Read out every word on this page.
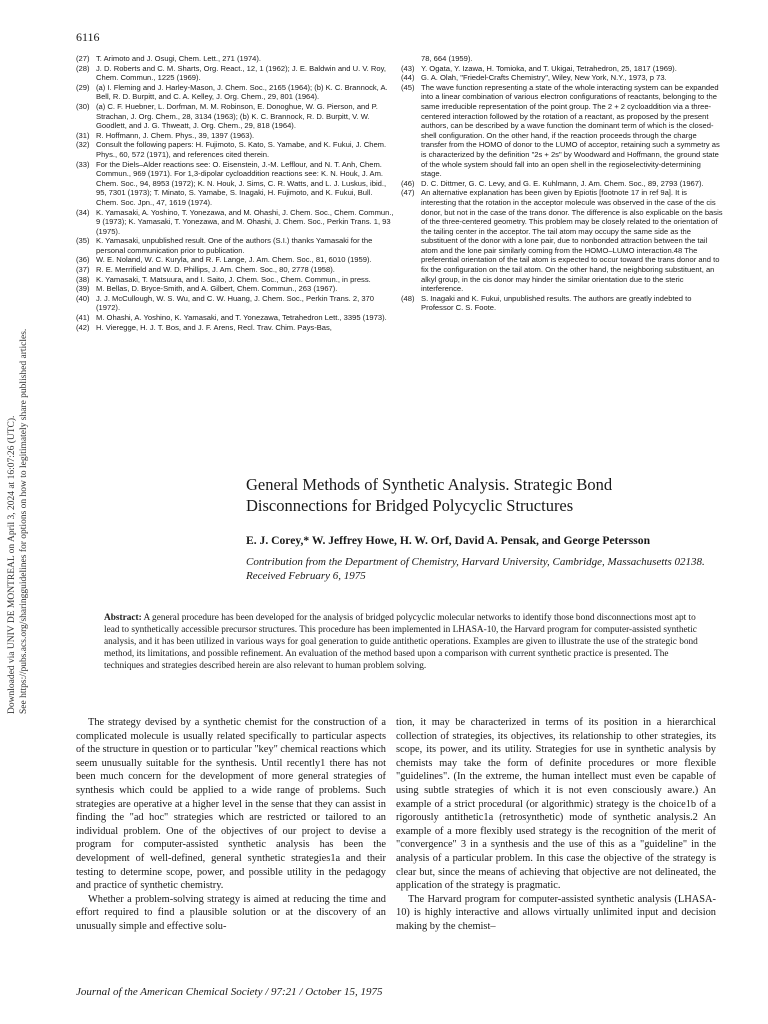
6116
Downloaded via UNIV DE MONTREAL on April 3, 2024 at 16:07:26 (UTC). See https://pubs.acs.org/sharingguidelines for options on how to legitimately share published articles.
(27) T. Arimoto and J. Osugi, Chem. Lett., 271 (1974).
(28) J. D. Roberts and C. M. Sharts, Org. React., 12, 1 (1962); J. E. Baldwin and U. V. Roy, Chem. Commun., 1225 (1969).
(29) (a) I. Fleming and J. Harley-Mason, J. Chem. Soc., 2165 (1964); (b) K. C. Brannock, A. Bell, R. D. Burpitt, and C. A. Kelley, J. Org. Chem., 29, 801 (1964).
(30) (a) C. F. Huebner, L. Dorfman, M. M. Robinson, E. Donoghue, W. G. Pierson, and P. Strachan, J. Org. Chem., 28, 3134 (1963); (b) K. C. Brannock, R. D. Burpitt, V. W. Goodlett, and J. G. Thweatt, J. Org. Chem., 29, 818 (1964).
(31) R. Hoffmann, J. Chem. Phys., 39, 1397 (1963).
(32) Consult the following papers: H. Fujimoto, S. Kato, S. Yamabe, and K. Fukui, J. Chem. Phys., 60, 572 (1971), and references cited therein.
(33) For the Diels–Alder reactions see: O. Eisenstein, J.-M. Lefflour, and N. T. Anh, Chem. Commun., 969 (1971). For 1,3-dipolar cycloaddition reactions see: K. N. Houk, J. Am. Chem. Soc., 94, 8953 (1972); K. N. Houk, J. Sims, C. R. Watts, and L. J. Luskus, ibid., 95, 7301 (1973); T. Minato, S. Yamabe, S. Inagaki, H. Fujimoto, and K. Fukui, Bull. Chem. Soc. Jpn., 47, 1619 (1974).
(34) K. Yamasaki, A. Yoshino, T. Yonezawa, and M. Ohashi, J. Chem. Soc., Chem. Commun., 9 (1973); K. Yamasaki, T. Yonezawa, and M. Ohashi, J. Chem. Soc., Perkin Trans. 1, 93 (1975).
(35) K. Yamasaki, unpublished result. One of the authors (S.I.) thanks Yamasaki for the personal communication prior to publication.
(36) W. E. Noland, W. C. Kuryla, and R. F. Lange, J. Am. Chem. Soc., 81, 6010 (1959).
(37) R. E. Merrifield and W. D. Phillips, J. Am. Chem. Soc., 80, 2778 (1958).
(38) K. Yamasaki, T. Matsuura, and I. Saito, J. Chem. Soc., Chem. Commun., in press.
(39) M. Bellas, D. Bryce-Smith, and A. Gilbert, Chem. Commun., 263 (1967).
(40) J. J. McCullough, W. S. Wu, and C. W. Huang, J. Chem. Soc., Perkin Trans. 2, 370 (1972).
(41) M. Ohashi, A. Yoshino, K. Yamasaki, and T. Yonezawa, Tetrahedron Lett., 3395 (1973).
(42) H. Vieregge, H. J. T. Bos, and J. F. Arens, Recl. Trav. Chim. Pays-Bas,
78, 664 (1959).
(43) Y. Ogata, Y. Izawa, H. Tomioka, and T. Ukigai, Tetrahedron, 25, 1817 (1969).
(44) G. A. Olah, "Friedel-Crafts Chemistry", Wiley, New York, N.Y., 1973, p 73.
(45) The wave function representing a state of the whole interacting system can be expanded into a linear combination of various electron configurations of reactants, belonging to the same irreducible representation of the point group. The 2 + 2 cycloaddition via a three-centered interaction followed by the rotation of a reactant, as proposed by the present authors, can be described by a wave function the dominant term of which is the closed-shell configuration. On the other hand, if the reaction proceeds through the charge transfer from the HOMO of donor to the LUMO of acceptor, retaining such a symmetry as is characterized by the definition "2s + 2s" by Woodward and Hoffmann, the ground state of the whole system should fall into an open shell in the regioselectivity-determining stage.
(46) D. C. Dittmer, G. C. Levy, and G. E. Kuhlmann, J. Am. Chem. Soc., 89, 2793 (1967).
(47) An alternative explanation has been given by Epiotis [footnote 17 in ref 9a]. It is interesting that the rotation in the acceptor molecule was observed in the case of the cis donor, but not in the case of the trans donor. The difference is also explicable on the basis of the three-centered geometry. This problem may be closely related to the orientation of the tailing center in the acceptor. The tail atom may occupy the same side as the substituent of the donor with a lone pair, due to nonbonded attraction between the tail atom and the lone pair similarly coming from the HOMO–LUMO interaction.48 The preferential orientation of the tail atom is expected to occur toward the trans donor and to fix the configuration on the tail atom. On the other hand, the neighboring substituent, an alkyl group, in the cis donor may hinder the similar orientation due to the steric interference.
(48) S. Inagaki and K. Fukui, unpublished results. The authors are greatly indebted to Professor C. S. Foote.
General Methods of Synthetic Analysis. Strategic Bond Disconnections for Bridged Polycyclic Structures
E. J. Corey,* W. Jeffrey Howe, H. W. Orf, David A. Pensak, and George Petersson
Contribution from the Department of Chemistry, Harvard University, Cambridge, Massachusetts 02138. Received February 6, 1975
Abstract: A general procedure has been developed for the analysis of bridged polycyclic molecular networks to identify those bond disconnections most apt to lead to synthetically accessible precursor structures. This procedure has been implemented in LHASA-10, the Harvard program for computer-assisted synthetic analysis, and it has been utilized in various ways for goal generation to guide antithetic operations. Examples are given to illustrate the use of the strategic bond method, its limitations, and possible refinement. An evaluation of the method based upon a comparison with current synthetic practice is presented. The techniques and strategies described herein are also relevant to human problem solving.

The strategy devised by a synthetic chemist for the construction of a complicated molecule is usually related specifically to particular aspects of the structure in question or to particular "key" chemical reactions which seem unusually suitable for the synthesis. Until recently1 there has not been much concern for the development of more general strategies of synthesis which could be applied to a wide range of problems. Such strategies are operative at a higher level in the sense that they can assist in finding the "ad hoc" strategies which are restricted or tailored to an individual problem. One of the objectives of our project to devise a program for computer-assisted synthetic analysis has been the development of well-defined, general synthetic strategies1a and their testing to determine scope, power, and possible utility in the pedagogy and practice of synthetic chemistry.

Whether a problem-solving strategy is aimed at reducing the time and effort required to find a plausible solution or at the discovery of an unusually simple and effective solu-

tion, it may be characterized in terms of its position in a hierarchical collection of strategies, its objectives, its relationship to other strategies, its scope, its power, and its utility. Strategies for use in synthetic analysis by chemists may take the form of definite procedures or more flexible "guidelines". (In the extreme, the human intellect must even be capable of using subtle strategies of which it is not even consciously aware.) An example of a strict procedural (or algorithmic) strategy is the choice1b of a rigorously antithetic1a (retrosynthetic) mode of synthetic analysis.2 An example of a more flexibly used strategy is the recognition of the merit of "convergence" 3 in a synthesis and the use of this as a "guideline" in the analysis of a particular problem. In this case the objective of the strategy is clear but, since the means of achieving that objective are not delineated, the application of the strategy is pragmatic.

The Harvard program for computer-assisted synthetic analysis (LHASA-10) is highly interactive and allows virtually unlimited input and decision making by the chemist–

Journal of the American Chemical Society / 97:21 / October 15, 1975
